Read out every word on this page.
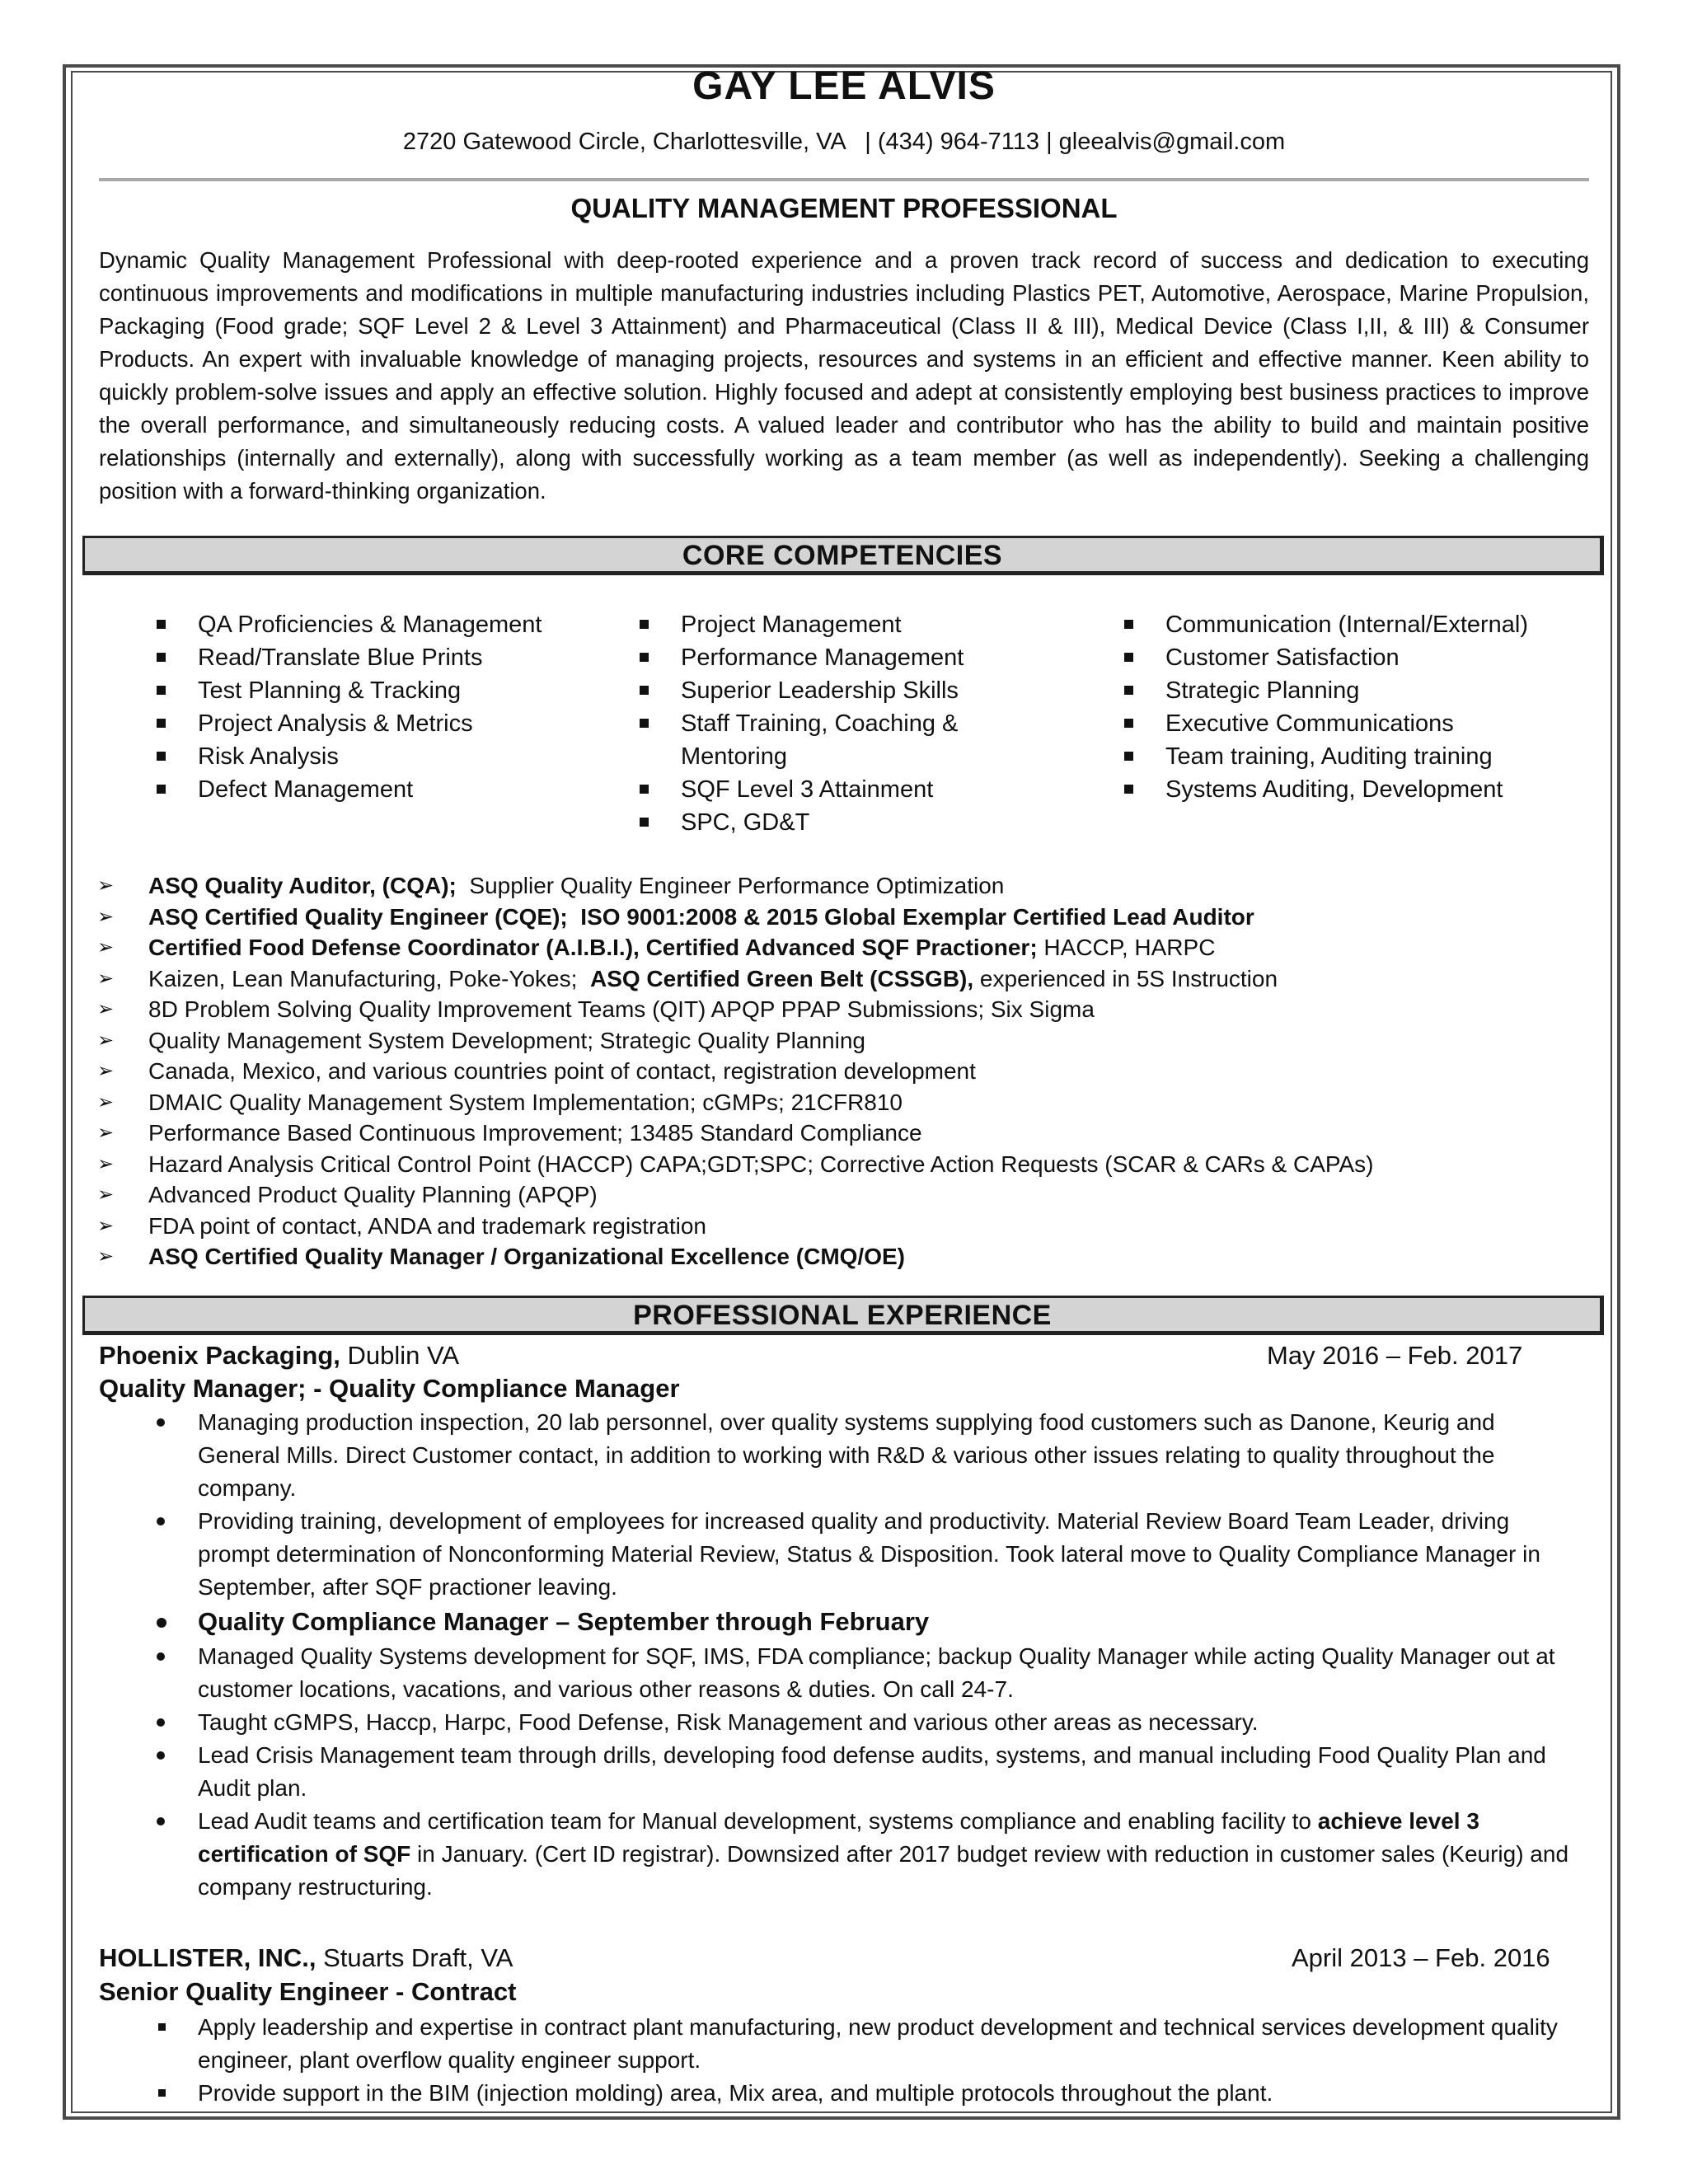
GAY LEE ALVIS
2720 Gatewood Circle, Charlottesville, VA   | (434) 964-7113 | gleealvis@gmail.com
QUALITY MANAGEMENT PROFESSIONAL

Dynamic Quality Management Professional with deep-rooted experience and a proven track record of success and dedication to executing continuous improvements and modifications in multiple manufacturing industries including Plastics PET, Automotive, Aerospace, Marine Propulsion, Packaging (Food grade; SQF Level 2 & Level 3 Attainment) and Pharmaceutical (Class II & III), Medical Device (Class I,II, & III) & Consumer Products. An expert with invaluable knowledge of managing projects, resources and systems in an efficient and effective manner. Keen ability to quickly problem-solve issues and apply an effective solution. Highly focused and adept at consistently employing best business practices to improve the overall performance, and simultaneously reducing costs. A valued leader and contributor who has the ability to build and maintain positive relationships (internally and externally), along with successfully working as a team member (as well as independently). Seeking a challenging position with a forward-thinking organization.

CORE COMPETENCIES
QA Proficiencies & Management
Read/Translate Blue Prints
Test Planning & Tracking
Project Analysis & Metrics
Risk Analysis
Defect Management
Project Management
Performance Management
Superior Leadership Skills
Staff Training, Coaching & Mentoring
SQF Level 3 Attainment
SPC, GD&T
Communication (Internal/External)
Customer Satisfaction
Strategic Planning
Executive Communications
Team training, Auditing training
Systems Auditing, Development
➢ ASQ Quality Auditor, (CQA);  Supplier Quality Engineer Performance Optimization
➢ ASQ Certified Quality Engineer (CQE);  ISO 9001:2008 & 2015 Global Exemplar Certified Lead Auditor
➢ Certified Food Defense Coordinator (A.I.B.I.), Certified Advanced SQF Practioner; HACCP, HARPC
➢ Kaizen, Lean Manufacturing, Poke-Yokes;  ASQ Certified Green Belt (CSSGB), experienced in 5S Instruction
➢ 8D Problem Solving Quality Improvement Teams (QIT) APQP PPAP Submissions; Six Sigma
➢ Quality Management System Development; Strategic Quality Planning
➢ Canada, Mexico, and various countries point of contact, registration development
➢ DMAIC Quality Management System Implementation; cGMPs; 21CFR810
➢ Performance Based Continuous Improvement; 13485 Standard Compliance
➢ Hazard Analysis Critical Control Point (HACCP) CAPA;GDT;SPC; Corrective Action Requests (SCAR & CARs & CAPAs)
➢ Advanced Product Quality Planning (APQP)
➢ FDA point of contact, ANDA and trademark registration
➢ ASQ Certified Quality Manager / Organizational Excellence (CMQ/OE)
PROFESSIONAL EXPERIENCE
Phoenix Packaging, Dublin VA	May 2016 – Feb. 2017
Quality Manager; - Quality Compliance Manager
Managing production inspection, 20 lab personnel, over quality systems supplying food customers such as Danone, Keurig and General Mills. Direct Customer contact, in addition to working with R&D & various other issues relating to quality throughout the company.
Providing training, development of employees for increased quality and productivity. Material Review Board Team Leader, driving prompt determination of Nonconforming Material Review, Status & Disposition. Took lateral move to Quality Compliance Manager in September, after SQF practioner leaving.
Quality Compliance Manager – September through February
Managed Quality Systems development for SQF, IMS, FDA compliance; backup Quality Manager while acting Quality Manager out at customer locations, vacations, and various other reasons & duties. On call 24-7.
Taught cGMPS, Haccp, Harpc, Food Defense, Risk Management and various other areas as necessary.
Lead Crisis Management team through drills, developing food defense audits, systems, and manual including Food Quality Plan and Audit plan.
Lead Audit teams and certification team for Manual development, systems compliance and enabling facility to achieve level 3 certification of SQF in January. (Cert ID registrar). Downsized after 2017 budget review with reduction in customer sales (Keurig) and company restructuring.
HOLLISTER, INC., Stuarts Draft, VA	April 2013 – Feb. 2016
Senior Quality Engineer - Contract
Apply leadership and expertise in contract plant manufacturing, new product development and technical services development quality engineer, plant overflow quality engineer support.
Provide support in the BIM (injection molding) area, Mix area, and multiple protocols throughout the plant.
